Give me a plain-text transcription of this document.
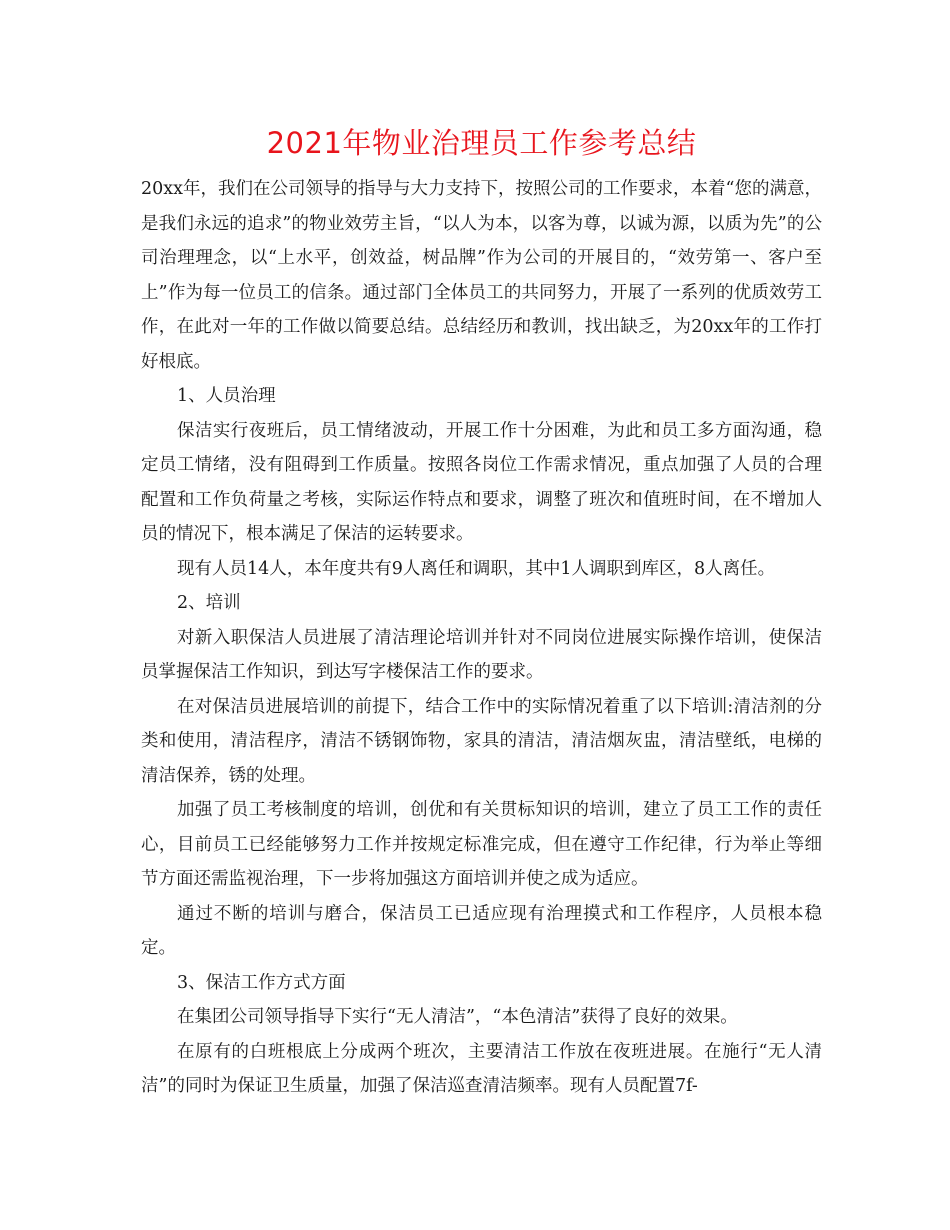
2021年物业治理员工作参考总结

20xx年，我们在公司领导的指导与大力支持下，按照公司的工作要求，本着“您的满意，是我们永远的追求”的物业效劳主旨，“以人为本，以客为尊，以诚为源，以质为先”的公司治理理念，以“上水平，创效益，树品牌”作为公司的开展目的，“效劳第一、客户至上”作为每一位员工的信条。通过部门全体员工的共同努力，开展了一系列的优质效劳工作，在此对一年的工作做以简要总结。总结经历和教训，找出缺乏，为20xx年的工作打好根底。

1、人员治理

保洁实行夜班后，员工情绪波动，开展工作十分困难，为此和员工多方面沟通，稳定员工情绪，没有阻碍到工作质量。按照各岗位工作需求情况，重点加强了人员的合理配置和工作负荷量之考核，实际运作特点和要求，调整了班次和值班时间，在不增加人员的情况下，根本满足了保洁的运转要求。

现有人员14人，本年度共有9人离任和调职，其中1人调职到库区，8人离任。

2、培训

对新入职保洁人员进展了清洁理论培训并针对不同岗位进展实际操作培训，使保洁员掌握保洁工作知识，到达写字楼保洁工作的要求。

在对保洁员进展培训的前提下，结合工作中的实际情况着重了以下培训:清洁剂的分类和使用，清洁程序，清洁不锈钢饰物，家具的清洁，清洁烟灰盅，清洁壁纸，电梯的清洁保养，锈的处理。

加强了员工考核制度的培训，创优和有关贯标知识的培训，建立了员工工作的责任心，目前员工已经能够努力工作并按规定标准完成，但在遵守工作纪律，行为举止等细节方面还需监视治理，下一步将加强这方面培训并使之成为适应。

通过不断的培训与磨合，保洁员工已适应现有治理摸式和工作程序，人员根本稳定。

3、保洁工作方式方面

在集团公司领导指导下实行“无人清洁”，“本色清洁”获得了良好的效果。

在原有的白班根底上分成两个班次，主要清洁工作放在夜班进展。在施行“无人清洁”的同时为保证卫生质量，加强了保洁巡查清洁频率。现有人员配置7f-
